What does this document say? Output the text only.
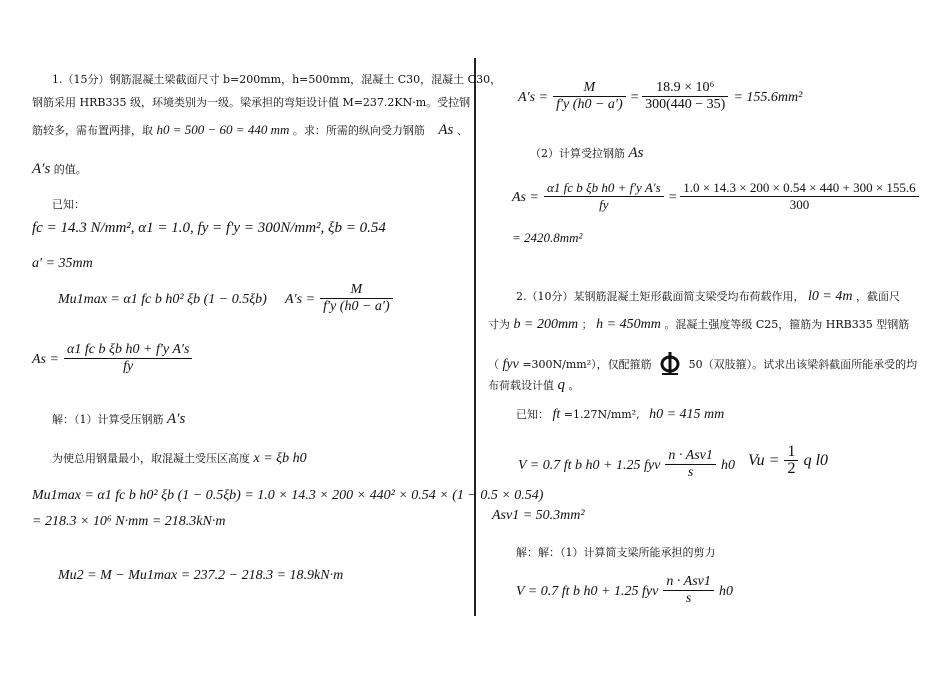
1.（15分）钢筋混凝土梁截面尺寸 b=200mm，h=500mm，混凝土 C30，混凝土 C30，
钢筋采用 HRB335 级，环境类别为一级。梁承担的弯矩设计值 M=237.2KN·m。受拉钢
筋较多，需布置两排，取 h0 = 500 − 60 = 440 mm 。求：所需的纵向受力钢筋 As 、
A′s 的值。
已知：
fc = 14.3 N/mm², α1 = 1.0, fy = f′y = 300N/mm², ξb = 0.54
a′ = 35mm
Mu1max = α1 fc b h0² ξb (1 − 0.5ξb) $A's = \frac{M}{f'y (h0 - a')}$
$As = \frac{\text{α1 fc b ξb h0 + f′y A′s}}{fy}$
解：（1）计算受压钢筋 A′s
为使总用钢量最小，取混凝土受压区高度 x = ξb h0
Mu1max = α1 fc b h0² ξb (1 − 0.5ξb) = 1.0 × 14.3 × 200 × 440² × 0.54 × (1 − 0.5 × 0.54)
= 218.3 × 10⁶ N·mm = 218.3kN·m
Mu2 = M − Mu1max = 237.2 − 218.3 = 18.9kN·m
$A's = \frac{M}{f'y (h0 - a')} = \frac{\text{18.9 × 10⁶}}{300(440 - 35)} = 155.6mm^2$
（2）计算受拉钢筋 As
$As = \frac{\text{α1 fc b ξb h0 + f′y A′s}}{fy} = \frac{1.0 \times 14.3 \times 200 \times 0.54 \times 440 + 300 \times 155.6}{300}$
= 2420.8mm²
2.（10分）某钢筋混凝土矩形截面简支梁受均布荷载作用， l0 = 4m ，截面尺
寸为 b = 200mm ； h = 450mm 。混凝土强度等级 C25，箍筋为 HRB335 型钢筋
（ fyv =300N/mm²），仅配箍筋	50（双肢箍）。试求出该梁斜截面所能承受的均
布荷载设计值 q 。
已知： ft =1.27N/mm², h0 = 415 mm
V = 0.7 ft b h0 + 1.25 fyv $\frac{\text{n · Asv1}}{s} h0$ $Vu = \frac{1}{2}$ q l0
Asv1 = 50.3mm²
解：解：（1）计算简支梁所能承担的剪力
V = 0.7 ft b h0 + 1.25 fyv $\frac{\text{n · Asv1}}{s} h0$
